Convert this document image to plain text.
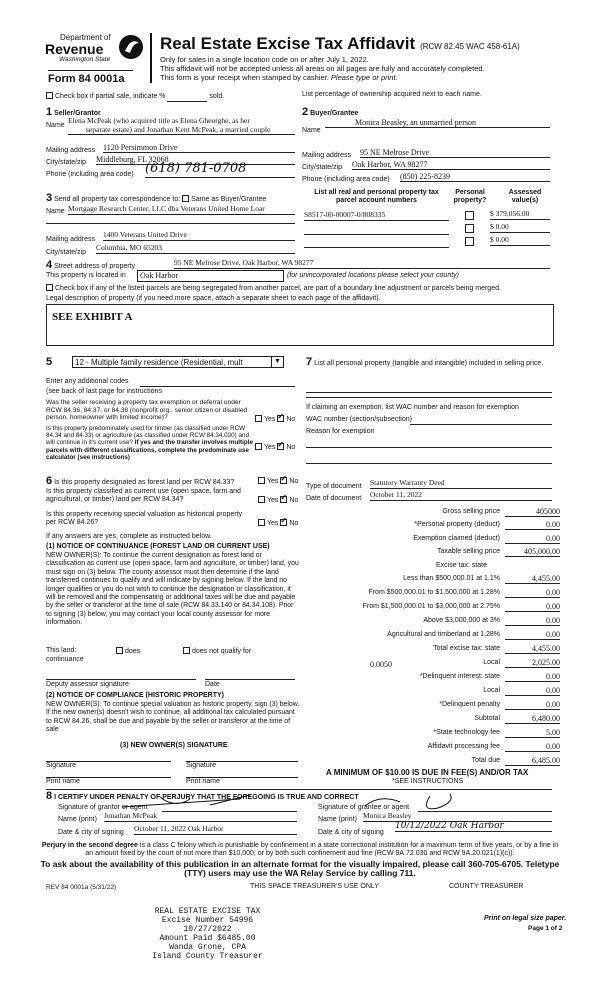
Department of
Revenue
Washington State
Form 84 0001a
Real Estate Excise Tax Affidavit (RCW 82.45 WAC 458-61A)
Only for sales in a single location code on or after July 1, 2022.
This affidavit will not be accepted unless all areas on all pages are fully and accurately completed.
This form is your receipt when stamped by cashier. Please type or print.
Check box if partial sale, indicate %	sold.	List percentage of ownership acquired next to each name.
1 Seller/Grantor
Name
Elena McPeak (who acquired title as Elena Gheorghe, as her
separate estate) and Jonathan Kent McPeak, a married couple
Mailing address 1120 Persimmon Drive
City/state/zip Middleburg, FL 32068
Phone (including area code) (618) 781-0708
2 Buyer/Grantee
Name
Monica Beasley, an unmarried person
Mailing address 95 NE Melrose Drive
City/state/zip Oak Harbor, WA 98277
Phone (including area code) (850) 225-8239
3 Send all property tax correspondence to: Same as Buyer/Grantee
Name Mortgage Research Center, LLC dba Veterans United Home Loar
Mailing address
1400 Veterans United Drive
City/state/zip
Columbia, MO 65203
List all real and personal property tax
parcel account numbers
Personal
property?
Assessed
value(s)
S8517-00-00007-0/808335	$ 379,056.00
$ 0.00
$ 0.00
4 Street address of property	95 NE Melrose Drive, Oak Harbor, WA 98277
This property is located in	Oak Harbor	(for unincorporated locations please select your county)
Check box if any of the listed parcels are being segregated from another parcel, are part of a boundary line adjustment or parcels being merged.
Legal description of property (if you need more space, attach a separate sheet to each page of the affidavit).
SEE EXHIBIT A
5	12 - Multiple family residence (Residential, mult	▼
Enter any additional codes
(see back of last page for instructions
Was the seller receiving a property tax exemption or deferral under RCW 84.36, 84.37, or 84.38 (nonprofit org., senior citizen or disabled person, homeowner with limited income)?	Yes ✓ No
Is this property predominately used for timber (as classified under RCW 84.34 and 84.33) or agriculture (as classified under RCW 84.34.020) and will continue in it's current use? If yes and the transfer involves multiple parcels with different classifications, complete the predominate use calculator (see instructions)
Yes ✓ No
7 List all personal property (tangible and intangible) included in selling price.
If claiming an exemption, list WAC number and reason for exemption
WAC number (section/subsection)
Reason for exemption
6 Is this property designated as forest land per RCW 84.33?	Yes ✓ No
Is this property classified as current use (open space, farm and agricultural, or timber) land per RCW 84.34?	Yes ✓ No
Is this property receiving special valuation as historical property per RCW 84.26?	Yes ✓ No
If any answers are yes, complete as instructed below.
(1) NOTICE OF CONTINUANCE (FOREST LAND OR CURRENT USE)
NEW OWNER(S): To continue the current designation as forest land or classification as current use (open space, farm and agriculture, or timber) land, you must sign on (3) below. The county assessor must then determine if the land transferred continues to qualify and will indicate by signing below. If the land no longer qualifies or you do not wish to continue the designation or classification, it will be removed and the compensating or additional taxes will be due and payable by the seller or transferor at the time of sale (RCW 84.33.140 or 84.34.108). Prior to signing (3) below, you may contact your local county assessor for more information.
This land:	does	does not qualify for
continuance
Deputy assessor signature	Date
(2) NOTICE OF COMPLIANCE (HISTORIC PROPERTY)
NEW OWNER(S): To continue special valuation as historic property, sign (3) below. If the new owner(s) doesn't wish to continue, all additional tax calculated pursuant to RCW 84.26, shall be due and payable by the seller or transferor at the time of sale
(3) NEW OWNER(S) SIGNATURE
Signature	Signature
Print name	Print name
Type of document Statutory Warranty Deed
Date of document October 11, 2022
Gross selling price	405000
*Personal property (deduct)	0.00
Exemption claimed (deduct)	0.00
Taxable selling price	405,000.00
Excise tax: state
Less than $500,000.01 at 1.1%	4,455.00
From $500,000.01 to $1,500,000 at 1.28%	0.00
From $1,500,000.01 to $3,000,000 at 2.75%	0.00
Above $3,000,000 at 3%	0.00
Agricultural and timberland at 1.28%	0.00
Total excise tax: state	4,455.00
0.0050	Local	2,025.00
*Delinquent interest: state	0.00
Local	0.00
*Delinquent penalty	0.00
Subtotal	6,480.00
*State technology fee	5.00
Affidavit processing fee	0.00
Total due	6,485.00
A MINIMUM OF $10.00 IS DUE IN FEE(S) AND/OR TAX
*SEE INSTRUCTIONS
8 I CERTIFY UNDER PENALTY OF PERJURY THAT THE FOREGOING IS TRUE AND CORRECT
Signature of grantor or agent
Name (print) Jonathan McPeak
Date & city of signing October 11, 2022 Oak Harbor
Signature of grantee or agent
Name (print) Monica Beasley
Date & city of signing
10/12/2022 Oak Harbor
Perjury in the second degree is a class C felony which is punishable by confinement in a state correctional institution for a maximum term of five years, or by a fine in an amount fixed by the court of not more than $10,000, or by both such confinement and fine (RCW 9A.72.030 and RCW 9A.20.021(1)(c)).
To ask about the availability of this publication in an alternate format for the visually impaired, please call 360-705-6705. Teletype (TTY) users may use the WA Relay Service by calling 711.
REV 84 0001a (5/31/22)	THIS SPACE TREASURER'S USE ONLY	COUNTY TREASURER
REAL ESTATE EXCISE TAX
Excise Number 54996
10/27/2022
Amount Paid $6485.00
Wanda Grone, CPA
Island County Treasurer
Print on legal size paper.
Page 1 of 2
